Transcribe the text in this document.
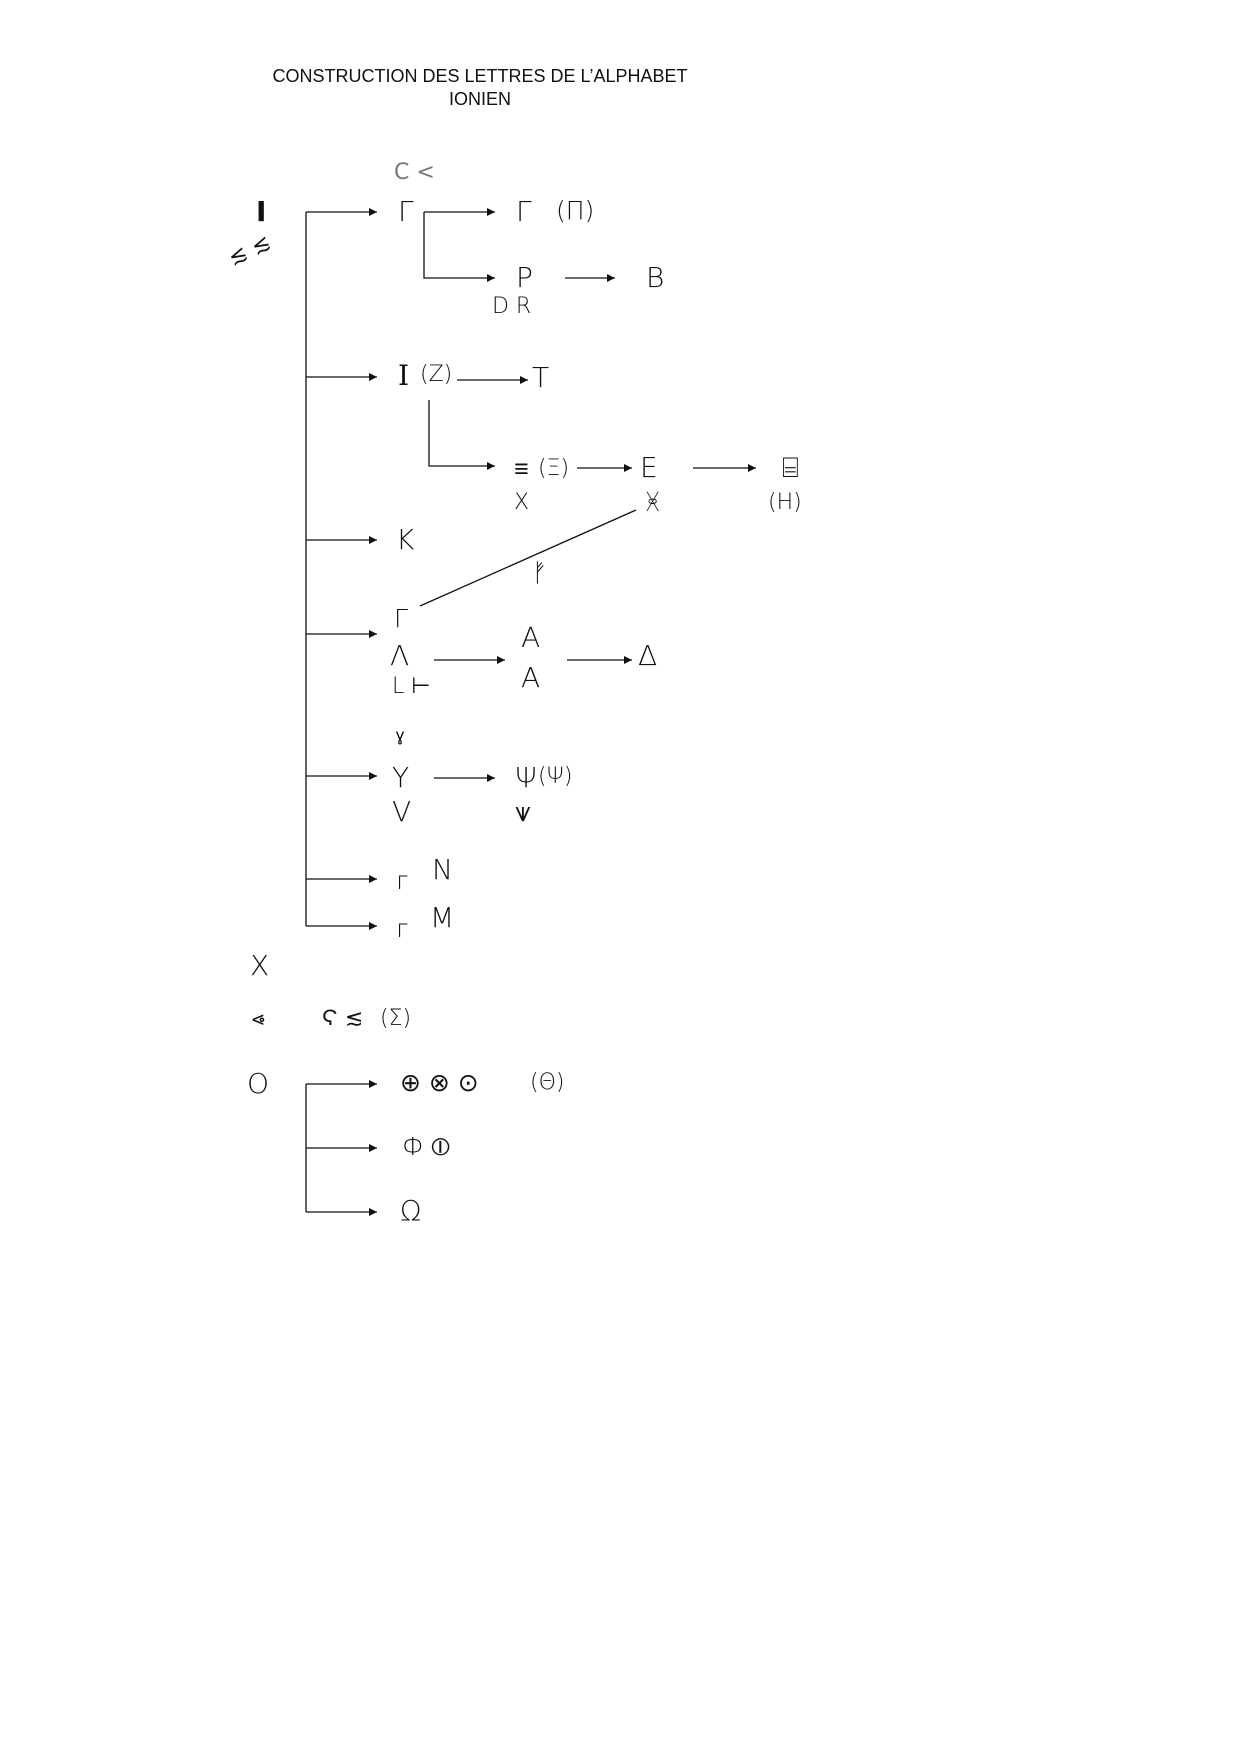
CONSTRUCTION DES LETTRES DE L’ALPHABET
IONIEN
I
≲ ≲
С <
Γ	Γ (Π)
P	B
D R
I (Z)	T
≡ (Ξ)
X
E
ᚸ
⌸
(H)
K
ᚠ
Γ
Λ
L ⊢
Ɐ
A
Δ
ˠ
Y
V
Ψ (Ψ)
⩛
г N
г M
X
⩹	Ϛ ≲ (Σ)
O	⊕ ⊗ ⊙ (Θ)
Ф ⦶
Ω
